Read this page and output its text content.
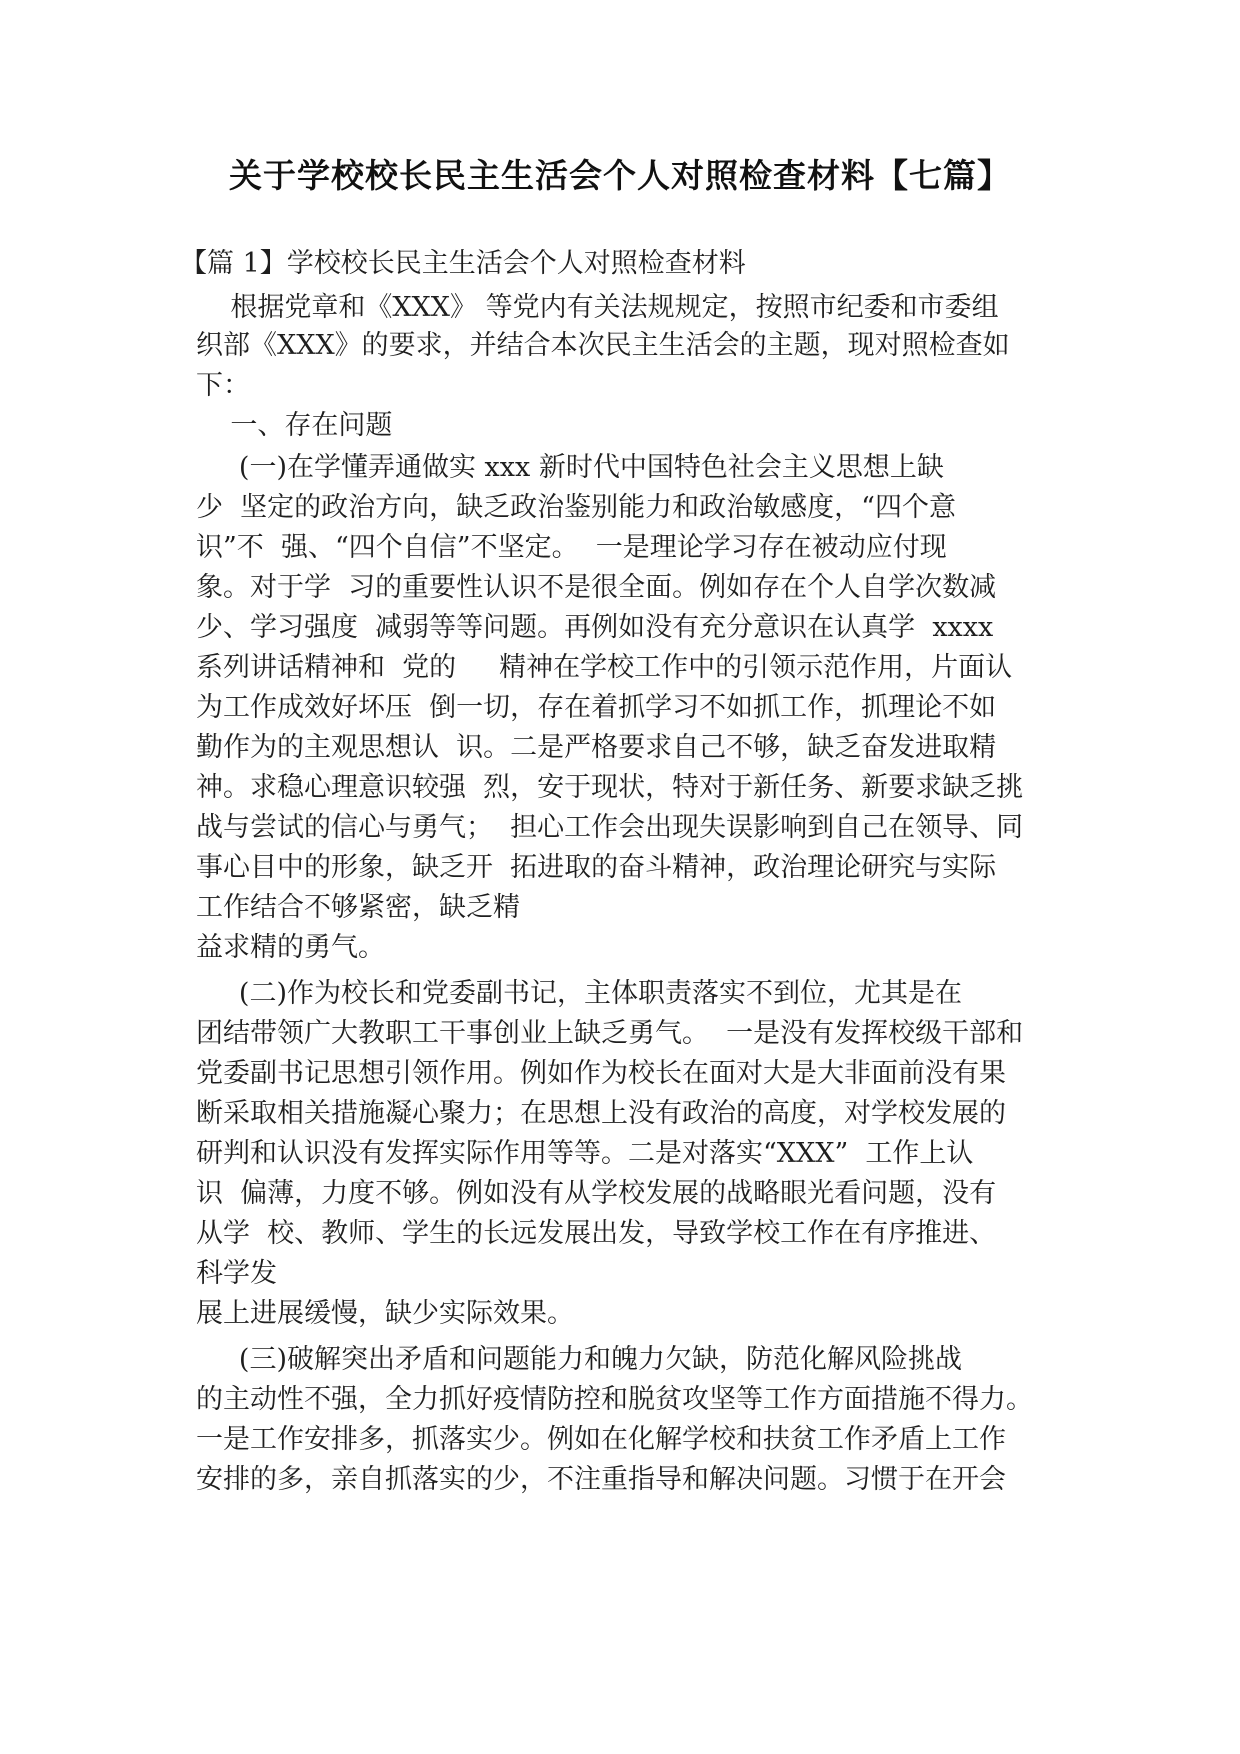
关于学校校长民主生活会个人对照检查材料【七篇】
【篇 1】学校校长民主生活会个人对照检查材料
根据党章和《XXX》 等党内有关法规规定，按照市纪委和市委组
织部《XXX》的要求，并结合本次民主生活会的主题，现对照检查如
下：
一、存在问题
(一)在学懂弄通做实 xxx 新时代中国特色社会主义思想上缺
少  坚定的政治方向，缺乏政治鉴别能力和政治敏感度，“四个意
识”不  强、“四个自信”不坚定。  一是理论学习存在被动应付现
象。对于学  习的重要性认识不是很全面。例如存在个人自学次数减
少、学习强度  减弱等等问题。再例如没有充分意识在认真学  xxxx
系列讲话精神和  党的     精神在学校工作中的引领示范作用，片面认
为工作成效好坏压  倒一切，存在着抓学习不如抓工作，抓理论不如
勤作为的主观思想认  识。二是严格要求自己不够，缺乏奋发进取精
神。求稳心理意识较强  烈，安于现状，特对于新任务、新要求缺乏挑
战与尝试的信心与勇气；  担心工作会出现失误影响到自己在领导、同
事心目中的形象，缺乏开  拓进取的奋斗精神，政治理论研究与实际
工作结合不够紧密，缺乏精
益求精的勇气。
(二)作为校长和党委副书记，主体职责落实不到位，尤其是在
团结带领广大教职工干事创业上缺乏勇气。  一是没有发挥校级干部和
党委副书记思想引领作用。例如作为校长在面对大是大非面前没有果
断采取相关措施凝心聚力；在思想上没有政治的高度，对学校发展的
研判和认识没有发挥实际作用等等。二是对落实“XXX”  工作上认
识  偏薄，力度不够。例如没有从学校发展的战略眼光看问题，没有
从学  校、教师、学生的长远发展出发，导致学校工作在有序推进、
科学发
展上进展缓慢，缺少实际效果。
(三)破解突出矛盾和问题能力和魄力欠缺，防范化解风险挑战
的主动性不强，全力抓好疫情防控和脱贫攻坚等工作方面措施不得力。
一是工作安排多，抓落实少。例如在化解学校和扶贫工作矛盾上工作
安排的多，亲自抓落实的少，不注重指导和解决问题。习惯于在开会
